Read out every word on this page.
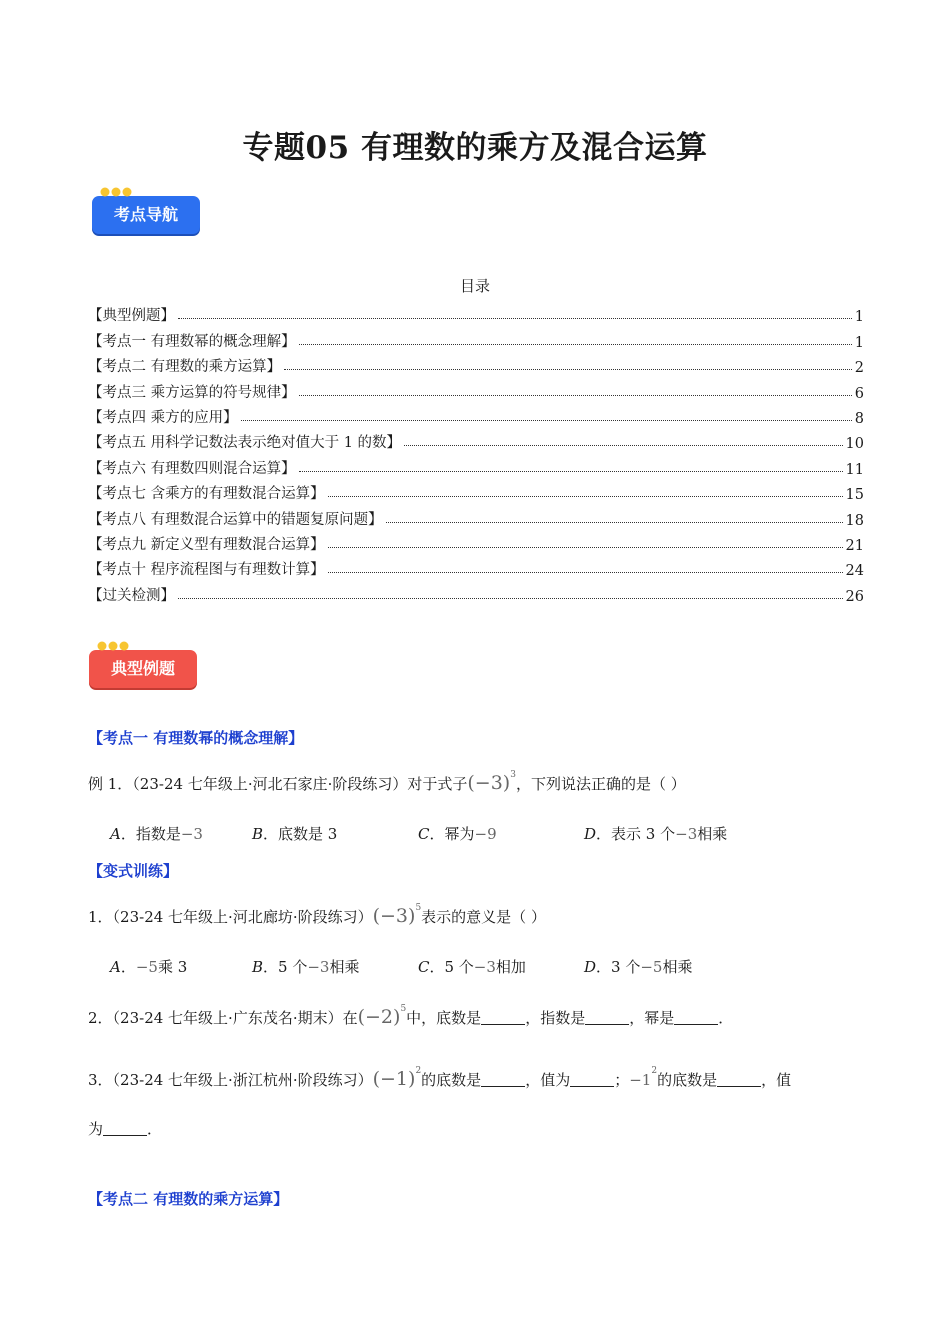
专题05 有理数的乘方及混合运算
考点导航
目录
【典型例题】	1
【考点一 有理数幂的概念理解】	1
【考点二 有理数的乘方运算】	2
【考点三 乘方运算的符号规律】	6
【考点四 乘方的应用】	8
【考点五 用科学记数法表示绝对值大于 1 的数】	10
【考点六 有理数四则混合运算】	11
【考点七 含乘方的有理数混合运算】	15
【考点八 有理数混合运算中的错题复原问题】	18
【考点九 新定义型有理数混合运算】	21
【考点十 程序流程图与有理数计算】	24
【过关检测】	26
典型例题
【考点一 有理数幂的概念理解】
例 1．（23-24 七年级上·河北石家庄·阶段练习）对于式子$(-3)^3$，下列说法正确的是（ ）
A．指数是−3	B．底数是 3	C．幂为−9	D．表示 3 个−3相乘
【变式训练】
1．（23-24 七年级上·河北廊坊·阶段练习）$(-3)^5$表示的意义是（ ）
A．−5乘 3	B．5 个−3相乘	C．5 个−3相加	D．3 个−5相乘
2．（23-24 七年级上·广东茂名·期末）在$(-2)^5$中，底数是	，指数是	，幂是	．
3．（23-24 七年级上·浙江杭州·阶段练习）$(-1)^2$的底数是	，值为	；$-1^2$的底数是	，值
为	．
【考点二 有理数的乘方运算】
